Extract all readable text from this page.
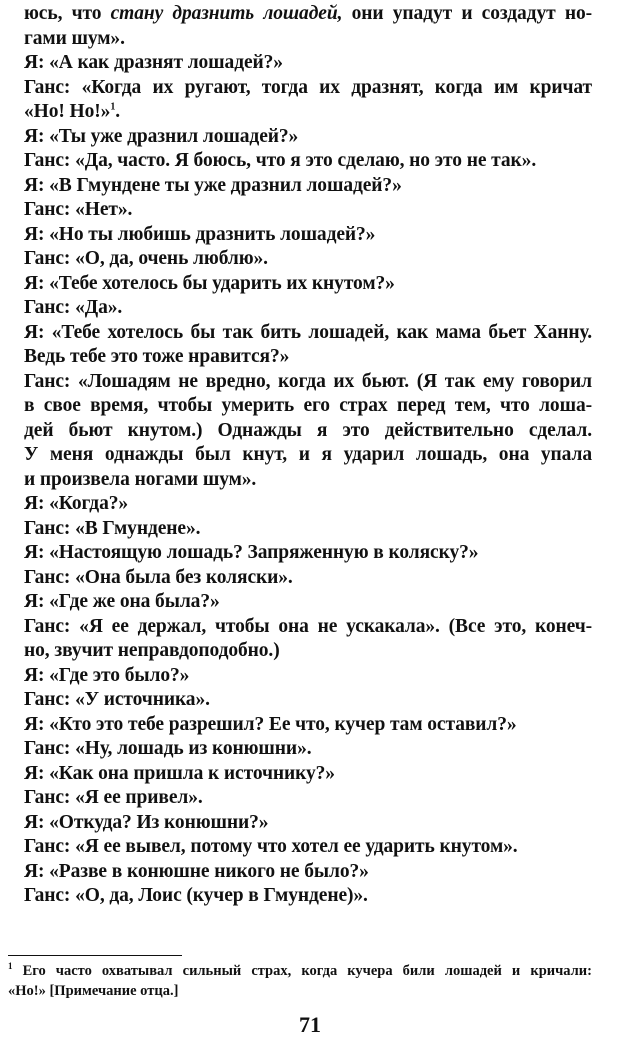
юсь, что стану дразнить лошадей, они упадут и создадут но-
гами шум».
Я: «А как дразнят лошадей?»
Ганс: «Когда их ругают, тогда их дразнят, когда им кричат
«Но! Но!»$^1$.
Я: «Ты уже дразнил лошадей?»
Ганс: «Да, часто. Я боюсь, что я это сделаю, но это не так».
Я: «В Гмундене ты уже дразнил лошадей?»
Ганс: «Нет».
Я: «Но ты любишь дразнить лошадей?»
Ганс: «О, да, очень люблю».
Я: «Тебе хотелось бы ударить их кнутом?»
Ганс: «Да».
Я: «Тебе хотелось бы так бить лошадей, как мама бьет Ханну.
Ведь тебе это тоже нравится?»
Ганс: «Лошадям не вредно, когда их бьют. (Я так ему говорил
в свое время, чтобы умерить его страх перед тем, что лоша-
дей бьют кнутом.) Однажды я это действительно сделал.
У меня однажды был кнут, и я ударил лошадь, она упала
и произвела ногами шум».
Я: «Когда?»
Ганс: «В Гмундене».
Я: «Настоящую лошадь? Запряженную в коляску?»
Ганс: «Она была без коляски».
Я: «Где же она была?»
Ганс: «Я ее держал, чтобы она не ускакала». (Все это, конеч-
но, звучит неправдоподобно.)
Я: «Где это было?»
Ганс: «У источника».
Я: «Кто это тебе разрешил? Ее что, кучер там оставил?»
Ганс: «Ну, лошадь из конюшни».
Я: «Как она пришла к источнику?»
Ганс: «Я ее привел».
Я: «Откуда? Из конюшни?»
Ганс: «Я ее вывел, потому что хотел ее ударить кнутом».
Я: «Разве в конюшне никого не было?»
Ганс: «О, да, Лоис (кучер в Гмундене)».
$^1$ Его часто охватывал сильный страх, когда кучера били лошадей и кричали:
«Но!» [Примечание отца.]
71
